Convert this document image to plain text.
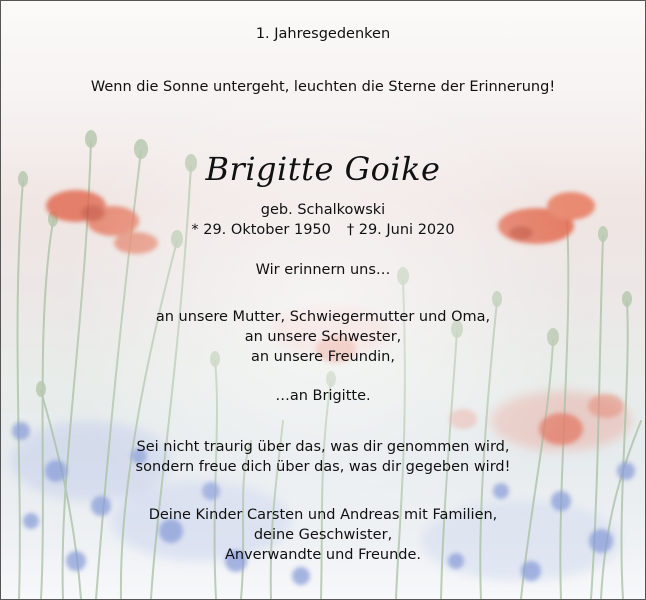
1. Jahresgedenken
Wenn die Sonne untergeht, leuchten die Sterne der Erinnerung!
Brigitte Goike
geb. Schalkowski
* 29. Oktober 1950 † 29. Juni 2020
Wir erinnern uns…
an unsere Mutter, Schwiegermutter und Oma,
an unsere Schwester,
an unsere Freundin,
…an Brigitte.
Sei nicht traurig über das, was dir genommen wird,
sondern freue dich über das, was dir gegeben wird!
Deine Kinder Carsten und Andreas mit Familien,
deine Geschwister,
Anverwandte und Freunde.
